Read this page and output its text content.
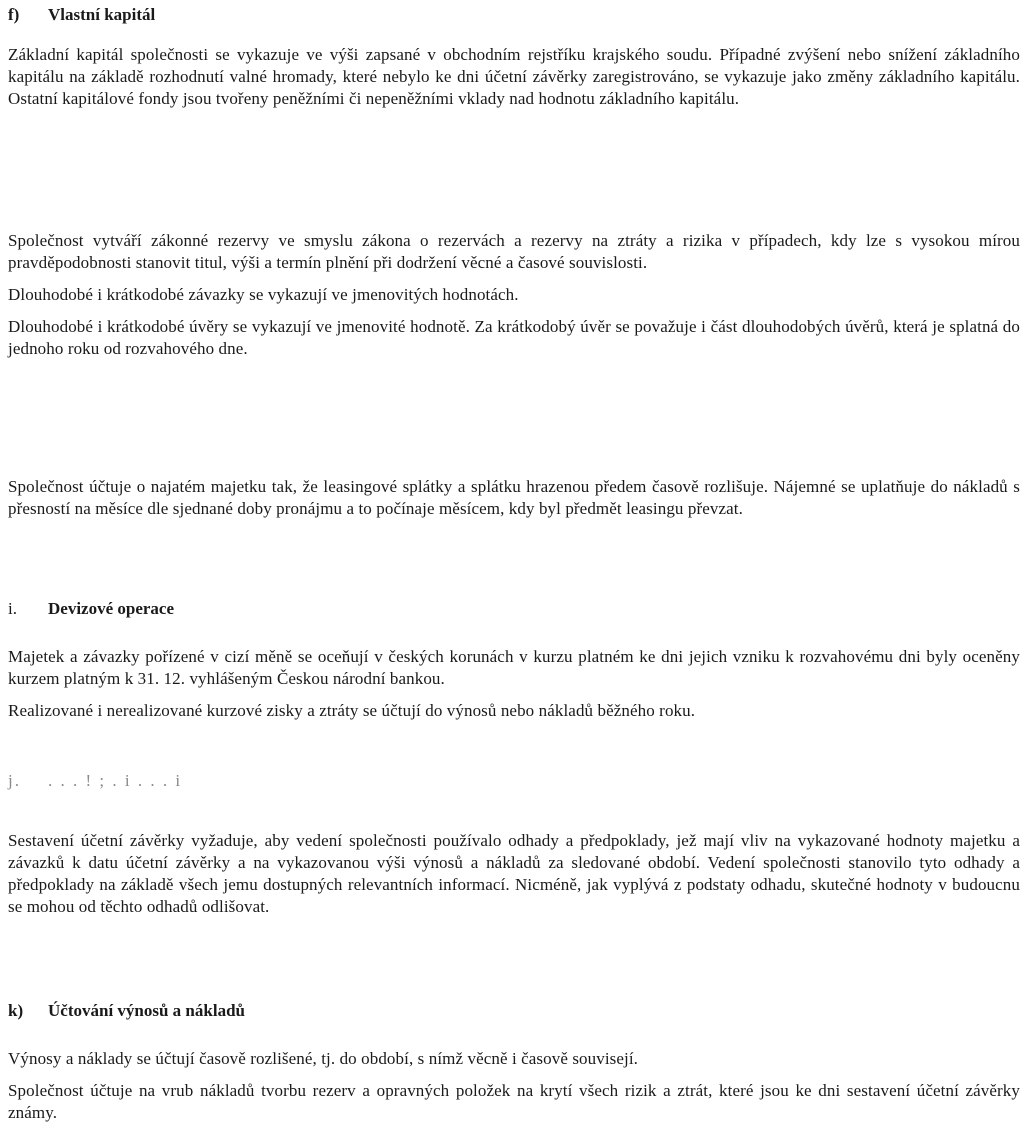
f) Vlastní kapitál

Základní kapitál společnosti se vykazuje ve výši zapsané v obchodním rejstříku krajského soudu. Případné zvýšení nebo snížení základního kapitálu na základě rozhodnutí valné hromady, které nebylo ke dni účetní závěrky zaregistrováno, se vykazuje jako změny základního kapitálu. Ostatní kapitálové fondy jsou tvořeny peněžními či nepeněžními vklady nad hodnotu základního kapitálu.

Společnost vytváří zákonné rezervy ve smyslu zákona o rezervách a rezervy na ztráty a rizika v případech, kdy lze s vysokou mírou pravděpodobnosti stanovit titul, výši a termín plnění při dodržení věcné a časové souvislosti.

Dlouhodobé i krátkodobé závazky se vykazují ve jmenovitých hodnotách.

Dlouhodobé i krátkodobé úvěry se vykazují ve jmenovité hodnotě. Za krátkodobý úvěr se považuje i část dlouhodobých úvěrů, která je splatná do jednoho roku od rozvahového dne.

Společnost účtuje o najatém majetku tak, že leasingové splátky a splátku hrazenou předem časově rozlišuje. Nájemné se uplatňuje do nákladů s přesností na měsíce dle sjednané doby pronájmu a to počínaje měsícem, kdy byl předmět leasingu převzat.

i. Devizové operace

Majetek a závazky pořízené v cizí měně se oceňují v českých korunách v kurzu platném ke dni jejich vzniku k rozvahovému dni byly oceněny kurzem platným k 31. 12. vyhlášeným Českou národní bankou.

Realizované i nerealizované kurzové zisky a ztráty se účtují do výnosů nebo nákladů běžného roku.

j. . . . ! ; . i . . . i

Sestavení účetní závěrky vyžaduje, aby vedení společnosti používalo odhady a předpoklady, jež mají vliv na vykazované hodnoty majetku a závazků k datu účetní závěrky a na vykazovanou výši výnosů a nákladů za sledované období. Vedení společnosti stanovilo tyto odhady a předpoklady na základě všech jemu dostupných relevantních informací. Nicméně, jak vyplývá z podstaty odhadu, skutečné hodnoty v budoucnu se mohou od těchto odhadů odlišovat.

k) Účtování výnosů a nákladů

Výnosy a náklady se účtují časově rozlišené, tj. do období, s nímž věcně i časově souvisejí.

Společnost účtuje na vrub nákladů tvorbu rezerv a opravných položek na krytí všech rizik a ztrát, které jsou ke dni sestavení účetní závěrky známy.
